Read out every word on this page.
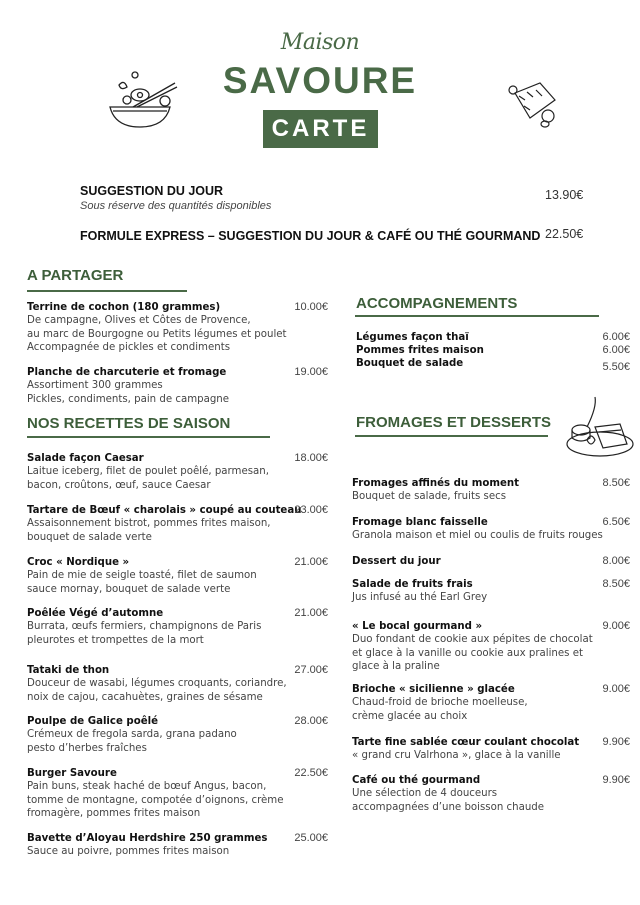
Maison
SAVOURE
CARTE
SUGGESTION DU JOUR
Sous réserve des quantités disponibles
13.90€
FORMULE EXPRESS – SUGGESTION DU JOUR & CAFÉ OU THÉ GOURMAND 22.50€
A PARTAGER
NOS RECETTES DE SAISON
ACCOMPAGNEMENTS
FROMAGES ET DESSERTS
Terrine de cochon (180 grammes)
De campagne, Olives et Côtes de Provence,
au marc de Bourgogne ou Petits légumes et poulet
Accompagnée de pickles et condiments
10.00€
Planche de charcuterie et fromage
Assortiment 300 grammes
Pickles, condiments, pain de campagne
19.00€
Salade façon Caesar
Laitue iceberg, filet de poulet poêlé, parmesan,
bacon, croûtons, œuf, sauce Caesar
18.00€
Tartare de Bœuf « charolais » coupé au couteau
Assaisonnement bistrot, pommes frites maison,
bouquet de salade verte
23.00€
Croc « Nordique »
Pain de mie de seigle toasté, filet de saumon
sauce mornay, bouquet de salade verte
21.00€
Poêlée Végé d’automne
Burrata, œufs fermiers, champignons de Paris
pleurotes et trompettes de la mort
21.00€
Tataki de thon
Douceur de wasabi, légumes croquants, coriandre,
noix de cajou, cacahuètes, graines de sésame
27.00€
Poulpe de Galice poêlé
Crémeux de fregola sarda, grana padano
pesto d’herbes fraîches
28.00€
Burger Savoure
Pain buns, steak haché de bœuf Angus, bacon,
tomme de montagne, compotée d’oignons, crème
fromagère, pommes frites maison
22.50€
Bavette d’Aloyau Herdshire 250 grammes
Sauce au poivre, pommes frites maison
25.00€
Légumes façon thaï	6.00€
Pommes frites maison	6.00€
Bouquet de salade	5.50€
Fromages affinés du moment
Bouquet de salade, fruits secs
8.50€
Fromage blanc faisselle
Granola maison et miel ou coulis de fruits rouges
6.50€
Dessert du jour	8.00€
Salade de fruits frais
Jus infusé au thé Earl Grey
8.50€
« Le bocal gourmand »
Duo fondant de cookie aux pépites de chocolat
et glace à la vanille ou cookie aux pralines et
glace à la praline
9.00€
Brioche « sicilienne » glacée
Chaud-froid de brioche moelleuse,
crème glacée au choix
9.00€
Tarte fine sablée cœur coulant chocolat
« grand cru Valrhona », glace à la vanille
9.90€
Café ou thé gourmand
Une sélection de 4 douceurs
accompagnées d’une boisson chaude
9.90€
